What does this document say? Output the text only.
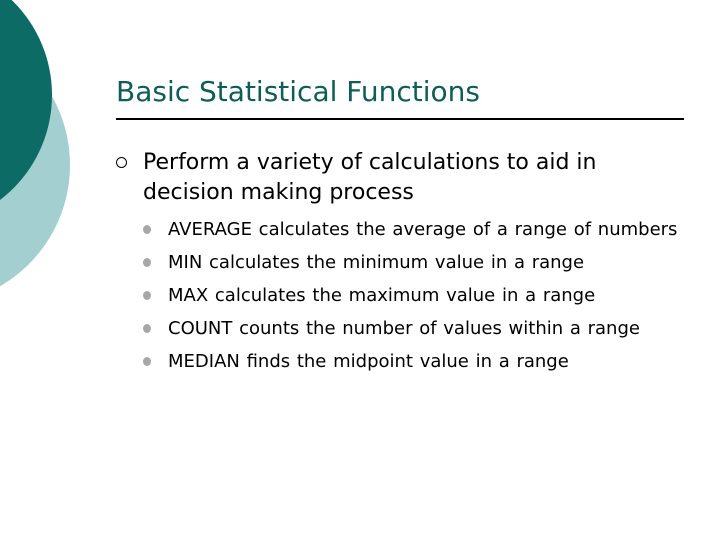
Basic Statistical Functions
Perform a variety of calculations to aid in decision making process
AVERAGE calculates the average of a range of numbers
MIN calculates the minimum value in a range
MAX calculates the maximum value in a range
COUNT counts the number of values within a range
MEDIAN finds the midpoint value in a range
